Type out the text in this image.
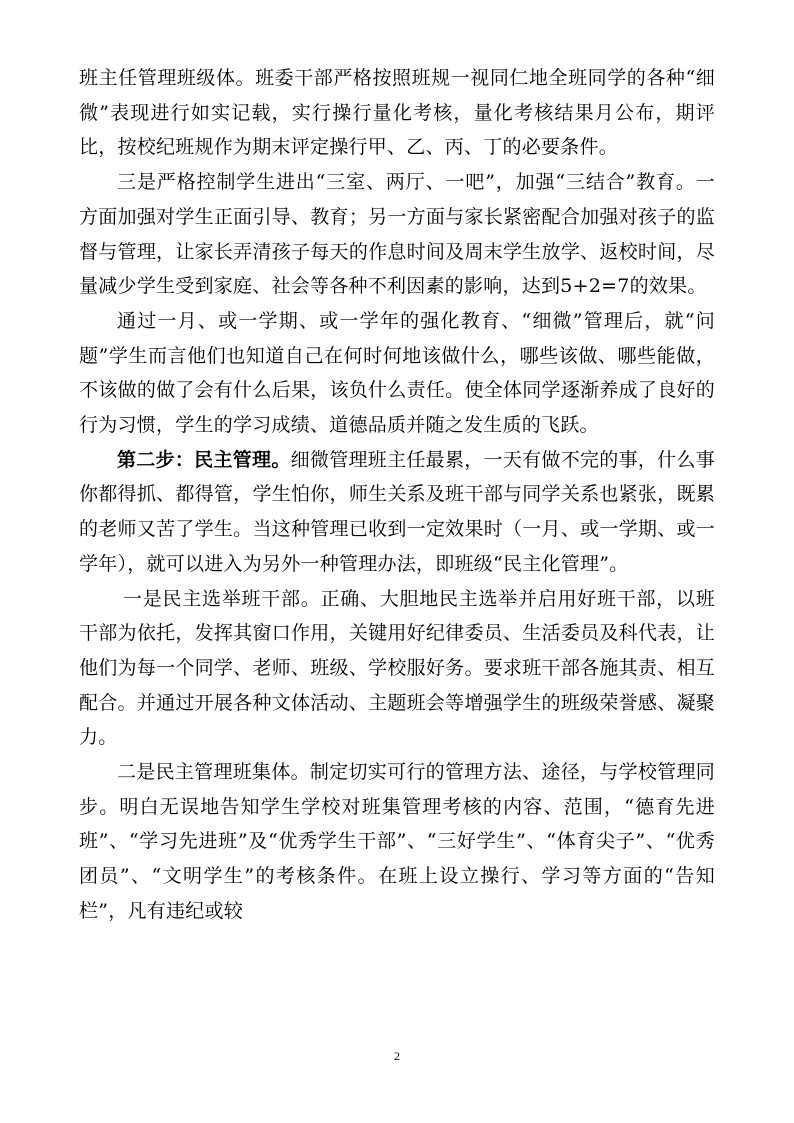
班主任管理班级体。班委干部严格按照班规一视同仁地全班同学的各种“细微”表现进行如实记载，实行操行量化考核，量化考核结果月公布，期评比，按校纪班规作为期末评定操行甲、乙、丙、丁的必要条件。

三是严格控制学生进出“三室、两厅、一吧”，加强“三结合”教育。一方面加强对学生正面引导、教育；另一方面与家长紧密配合加强对孩子的监督与管理，让家长弄清孩子每天的作息时间及周末学生放学、返校时间，尽量减少学生受到家庭、社会等各种不利因素的影响，达到5+2=7的效果。

通过一月、或一学期、或一学年的强化教育、“细微”管理后，就“问题”学生而言他们也知道自己在何时何地该做什么，哪些该做、哪些能做，不该做的做了会有什么后果，该负什么责任。使全体同学逐渐养成了良好的行为习惯，学生的学习成绩、道德品质并随之发生质的飞跃。

第二步：民主管理。细微管理班主任最累，一天有做不完的事，什么事你都得抓、都得管，学生怕你，师生关系及班干部与同学关系也紧张，既累的老师又苦了学生。当这种管理已收到一定效果时（一月、或一学期、或一学年），就可以进入为另外一种管理办法，即班级“民主化管理”。

一是民主选举班干部。正确、大胆地民主选举并启用好班干部，以班干部为依托，发挥其窗口作用，关键用好纪律委员、生活委员及科代表，让他们为每一个同学、老师、班级、学校服好务。要求班干部各施其责、相互配合。并通过开展各种文体活动、主题班会等增强学生的班级荣誉感、凝聚力。

二是民主管理班集体。制定切实可行的管理方法、途径，与学校管理同步。明白无误地告知学生学校对班集管理考核的内容、范围，“德育先进班”、“学习先进班”及“优秀学生干部”、“三好学生”、“体育尖子”、“优秀团员”、“文明学生”的考核条件。在班上设立操行、学习等方面的“告知栏”，凡有违纪或较

2
